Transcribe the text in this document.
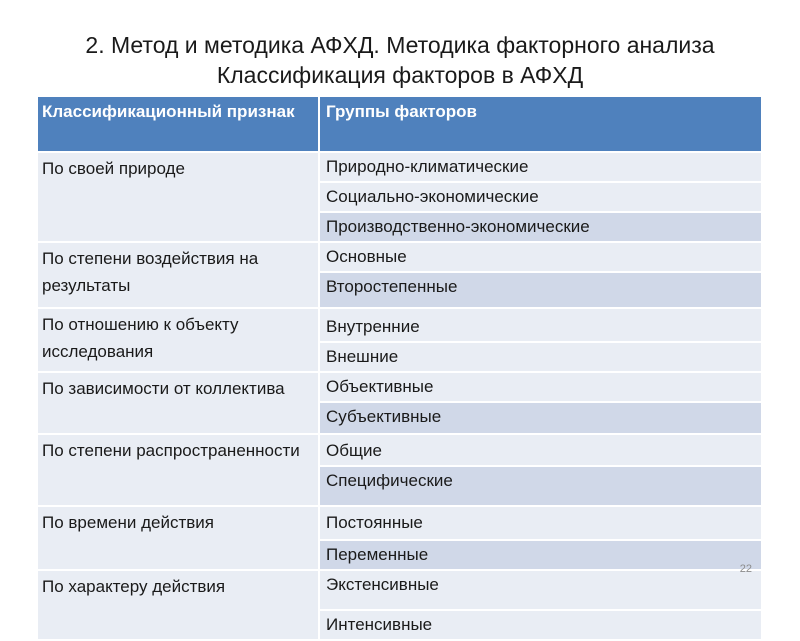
2. Метод и методика АФХД. Методика факторного анализа
Классификация факторов в АФХД
Классификационный признак	Группы факторов
По своей природе	Природно-климатические
	Социально-экономические
	Производственно-экономические
По степени воздействия на результаты	Основные
	Второстепенные
По отношению к объекту исследования	Внутренние
	Внешние
По зависимости от коллектива	Объективные
	Субъективные
По степени распространенности	Общие
	Специфические
По времени действия	Постоянные
	Переменные
По характеру действия	Экстенсивные
	Интенсивные
22
